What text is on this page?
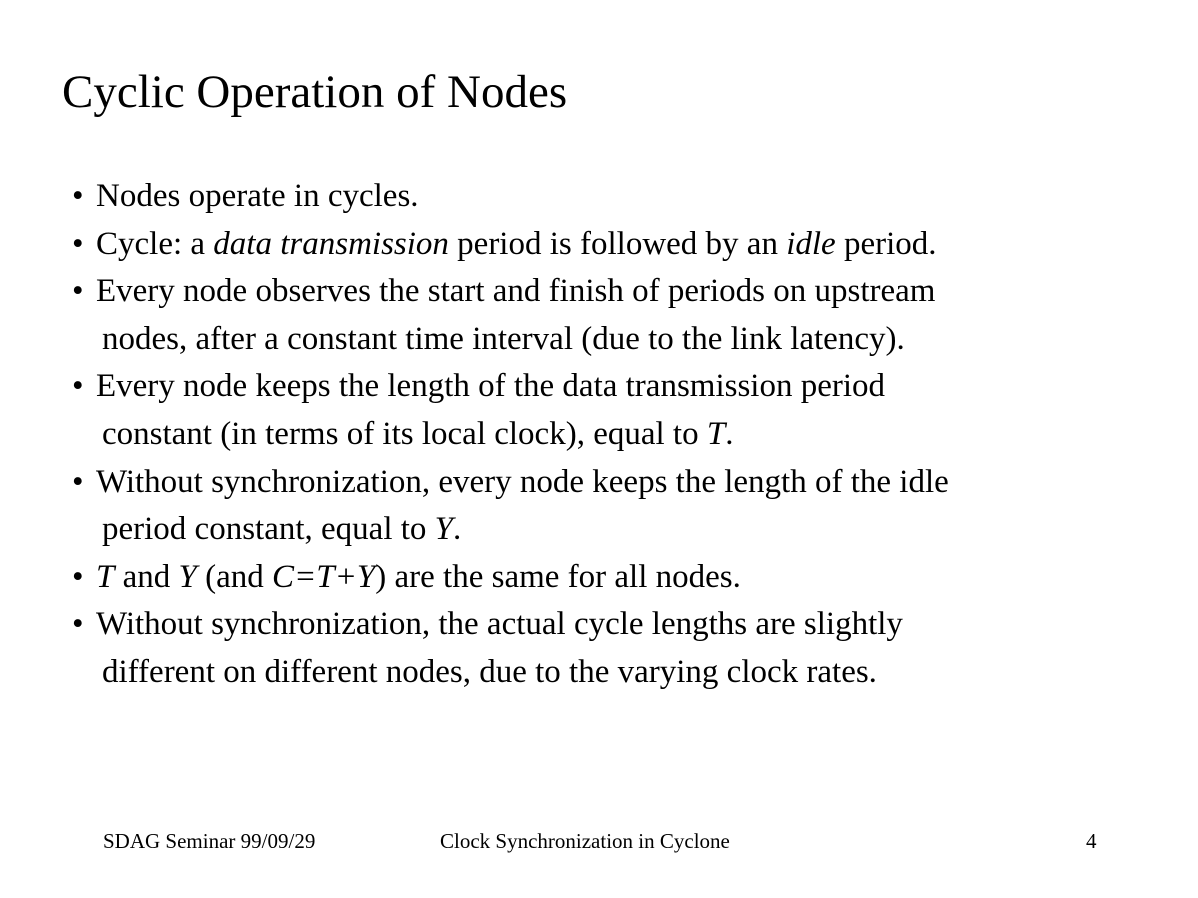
Cyclic Operation of Nodes
• Nodes operate in cycles.
• Cycle: a data transmission period is followed by an idle period.
• Every node observes the start and finish of periods on upstream
nodes, after a constant time interval (due to the link latency).
• Every node keeps the length of the data transmission period
constant (in terms of its local clock), equal to T.
• Without synchronization, every node keeps the length of the idle
period constant, equal to Y.
• T and Y (and C=T+Y) are the same for all nodes.
• Without synchronization, the actual cycle lengths are slightly
different on different nodes, due to the varying clock rates.
SDAG Seminar 99/09/29	Clock Synchronization in Cyclone	4
